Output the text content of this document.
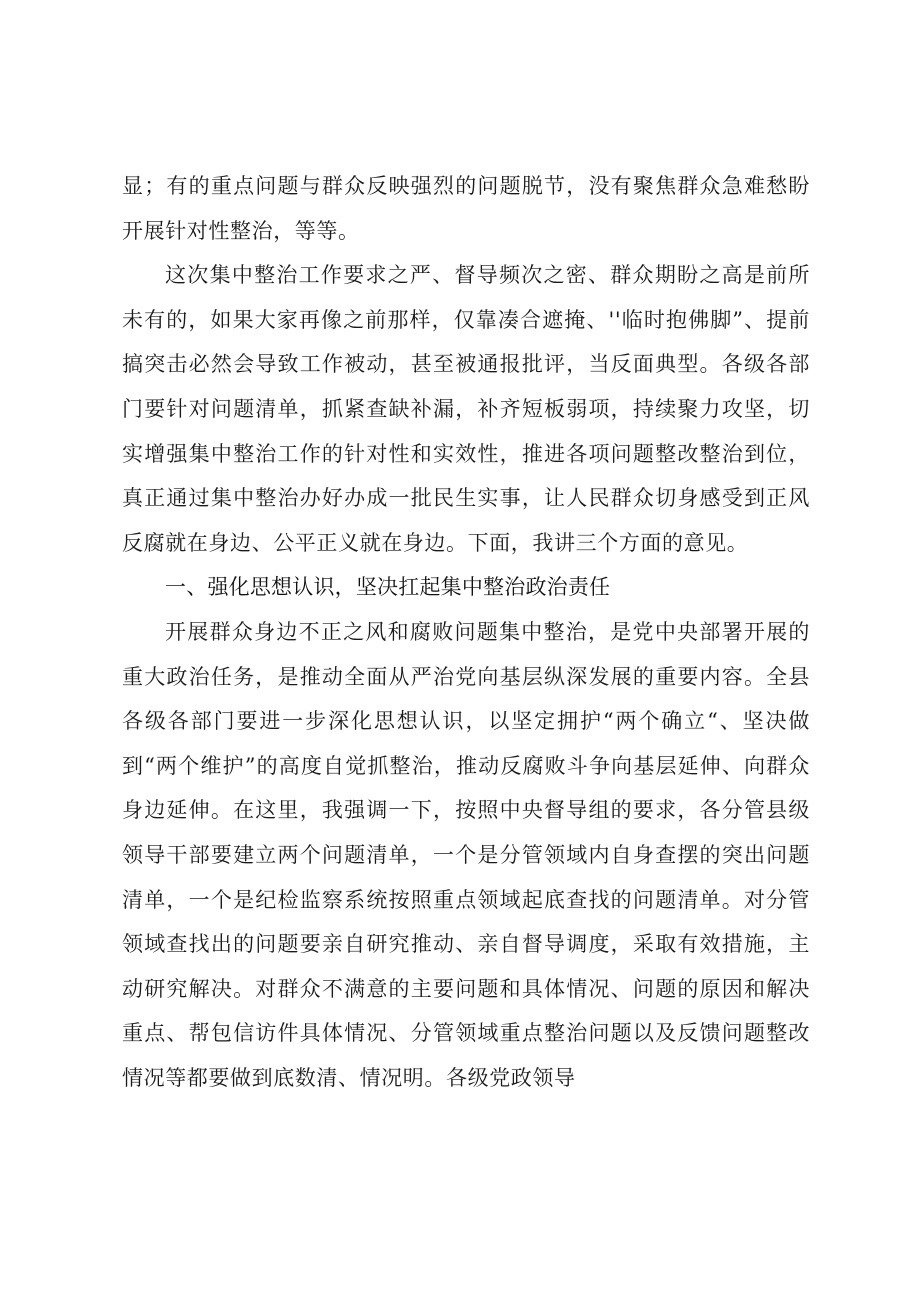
显；有的重点问题与群众反映强烈的问题脱节，没有聚焦群众急难愁盼开展针对性整治，等等。

这次集中整治工作要求之严、督导频次之密、群众期盼之高是前所未有的，如果大家再像之前那样，仅靠凑合遮掩、''临时抱佛脚”、提前搞突击必然会导致工作被动，甚至被通报批评，当反面典型。各级各部门要针对问题清单，抓紧查缺补漏，补齐短板弱项，持续聚力攻坚，切实增强集中整治工作的针对性和实效性，推进各项问题整改整治到位，真正通过集中整治办好办成一批民生实事，让人民群众切身感受到正风反腐就在身边、公平正义就在身边。下面，我讲三个方面的意见。

一、强化思想认识，坚决扛起集中整治政治责任

开展群众身边不正之风和腐败问题集中整治，是党中央部署开展的重大政治任务，是推动全面从严治党向基层纵深发展的重要内容。全县各级各部门要进一步深化思想认识，以坚定拥护“两个确立“、坚决做到“两个维护”的高度自觉抓整治，推动反腐败斗争向基层延伸、向群众身边延伸。在这里，我强调一下，按照中央督导组的要求，各分管县级领导干部要建立两个问题清单，一个是分管领域内自身查摆的突出问题清单，一个是纪检监察系统按照重点领域起底查找的问题清单。对分管领域查找出的问题要亲自研究推动、亲自督导调度，采取有效措施，主动研究解决。对群众不满意的主要问题和具体情况、问题的原因和解决重点、帮包信访件具体情况、分管领域重点整治问题以及反馈问题整改情况等都要做到底数清、情况明。各级党政领导
